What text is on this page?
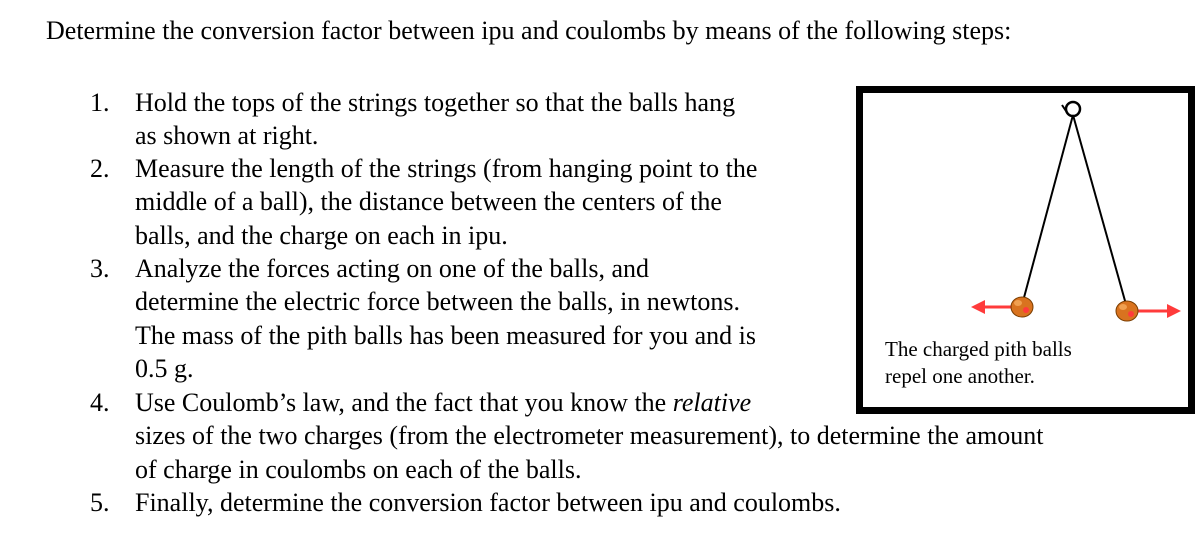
Determine the conversion factor between ipu and coulombs by means of the following steps:
1. Hold the tops of the strings together so that the balls hang
as shown at right.
2. Measure the length of the strings (from hanging point to the
middle of a ball), the distance between the centers of the
balls, and the charge on each in ipu.
3. Analyze the forces acting on one of the balls, and
determine the electric force between the balls, in newtons.
The mass of the pith balls has been measured for you and is
0.5 g.
4. Use Coulomb’s law, and the fact that you know the relative
sizes of the two charges (from the electrometer measurement), to determine the amount
of charge in coulombs on each of the balls.
5. Finally, determine the conversion factor between ipu and coulombs.
The charged pith balls
repel one another.
